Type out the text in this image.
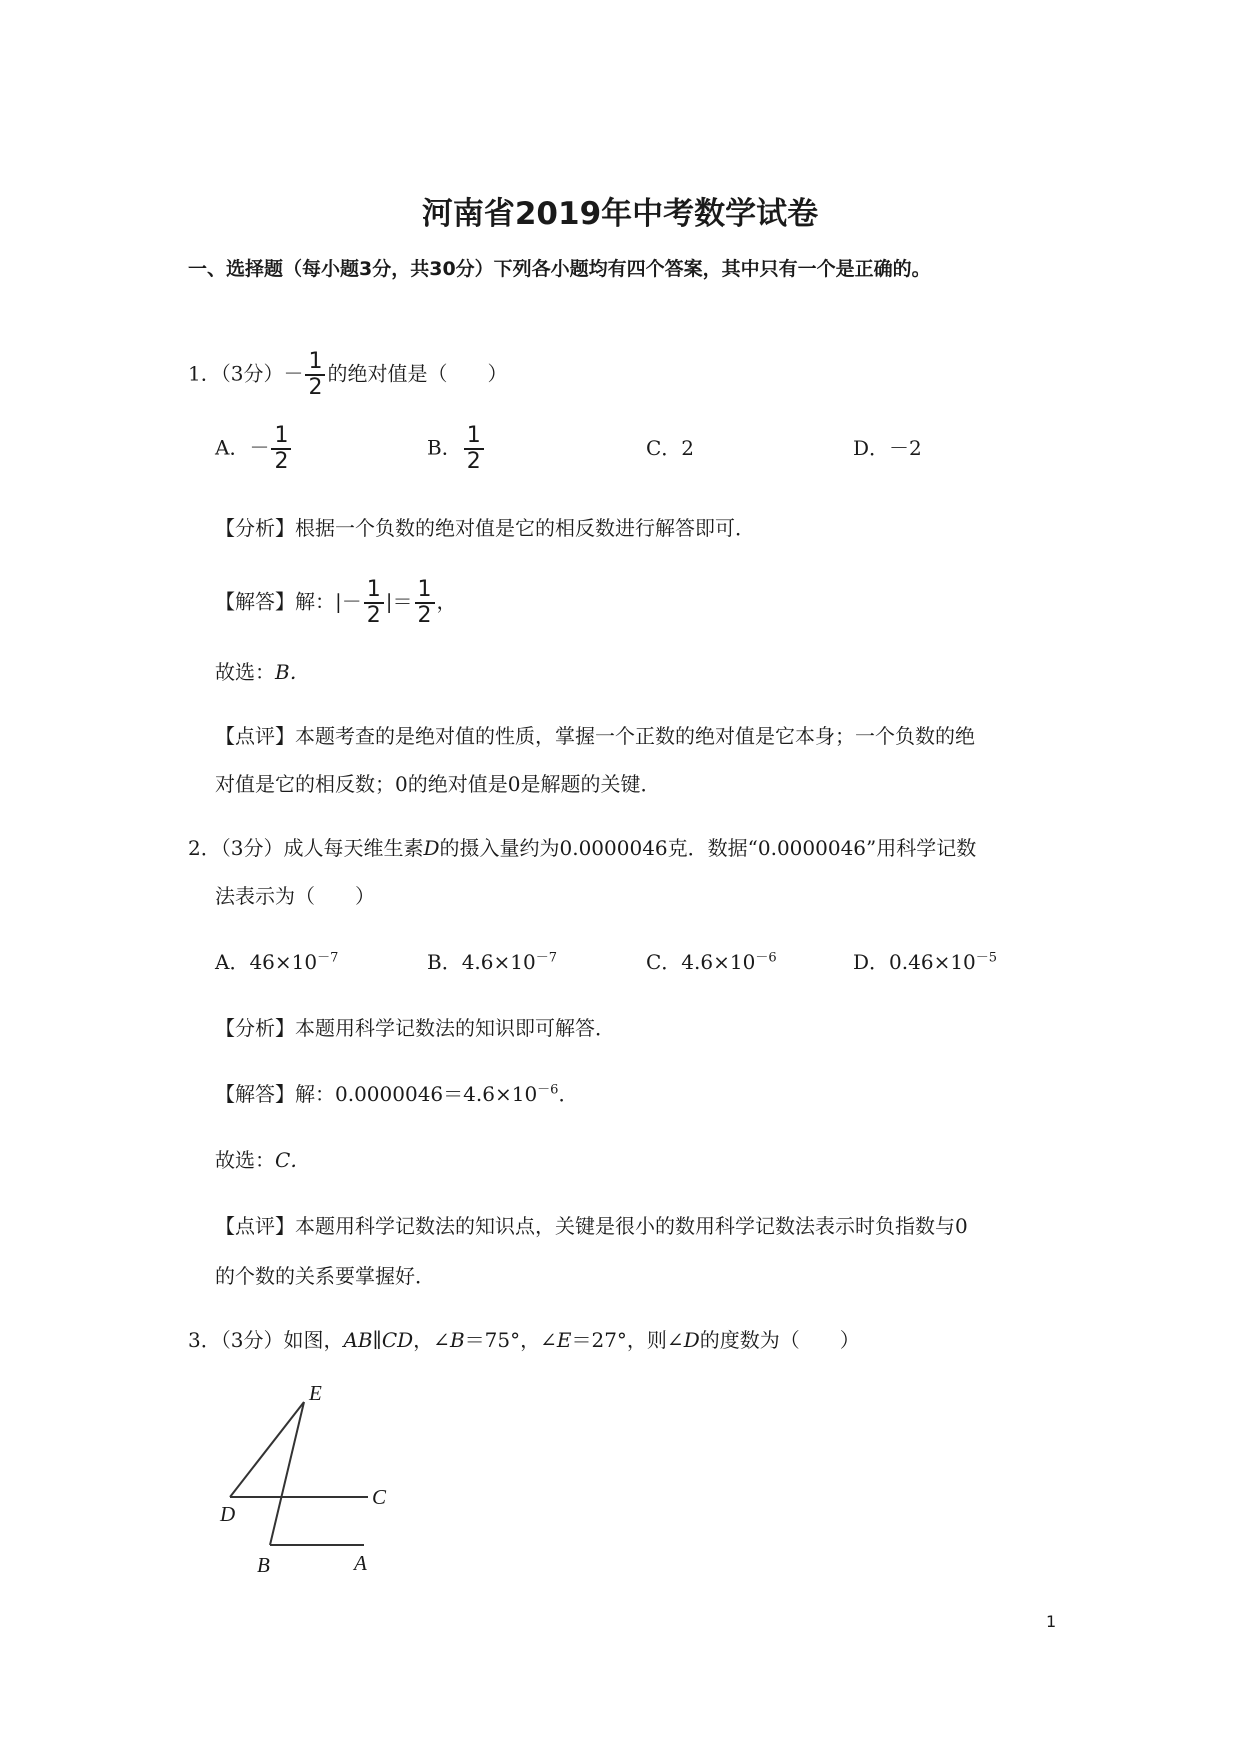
河南省2019年中考数学试卷
一、选择题（每小题3分，共30分）下列各小题均有四个答案，其中只有一个是正确的。
1．（3分）－ $\frac{1}{2}$ 的绝对值是（　　）
A．－ $\frac{1}{2}$	B． $\frac{1}{2}$	C．2	D．－2
【分析】根据一个负数的绝对值是它的相反数进行解答即可．
【解答】解：|－ $\frac{1}{2}$ |＝ $\frac{1}{2}$ ，
故选：B．
【点评】本题考查的是绝对值的性质，掌握一个正数的绝对值是它本身；一个负数的绝
对值是它的相反数；0的绝对值是0是解题的关键．
2．（3分）成人每天维生素D的摄入量约为0.0000046克．数据“0.0000046”用科学记数
法表示为（　　）
A．$46\times 10^{-7}$	B．$4.6\times 10^{-7}$	C．$4.6\times 10^{-6}$	D．$0.46\times 10^{-5}$
【分析】本题用科学记数法的知识即可解答．
【解答】解：$0.0000046=4.6\times 10^{-6}$．
故选：C．
【点评】本题用科学记数法的知识点，关键是很小的数用科学记数法表示时负指数与0
的个数的关系要掌握好．
3．（3分）如图，AB∥CD，∠B＝75°，∠E＝27°，则∠D的度数为（　　）
E
D
C
B	A
1
